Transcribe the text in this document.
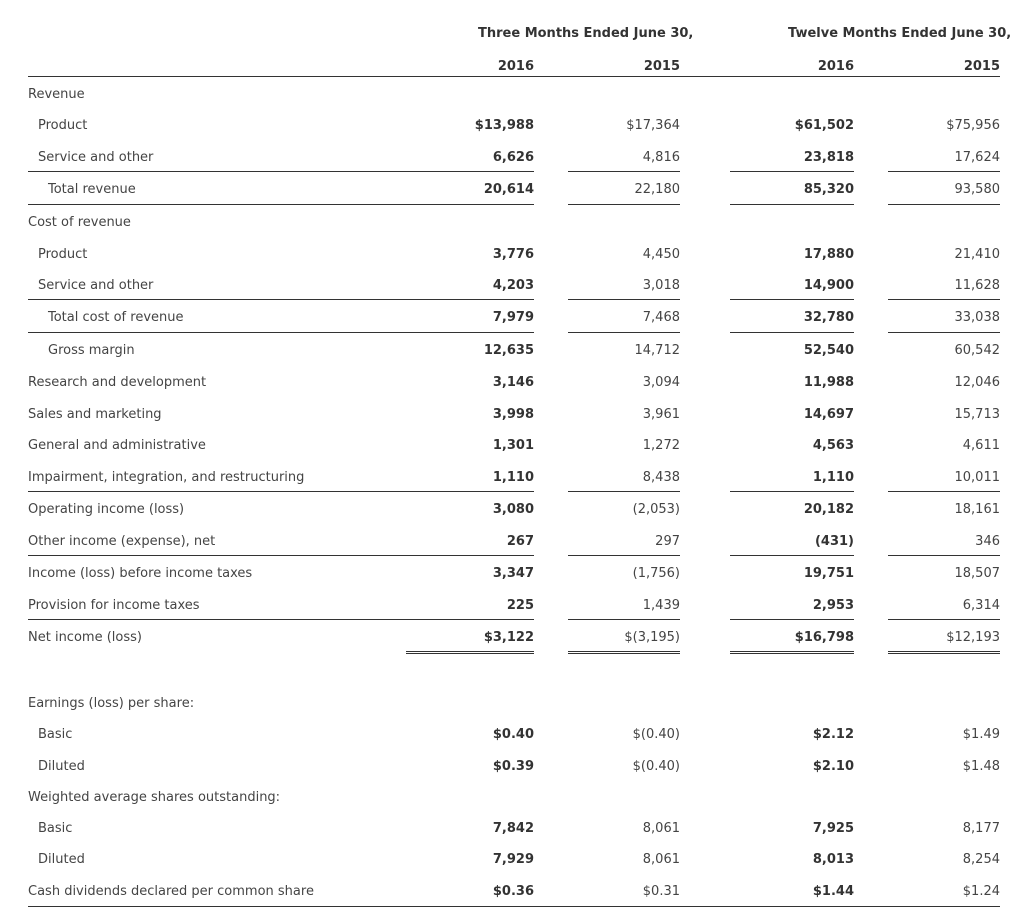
Three Months Ended June 30,	Twelve Months Ended June 30,
2016	2015	2016	2015
Revenue
Product	$13,988	$17,364	$61,502	$75,956
Service and other	6,626	4,816	23,818	17,624
Total revenue	20,614	22,180	85,320	93,580
Cost of revenue
Product	3,776	4,450	17,880	21,410
Service and other	4,203	3,018	14,900	11,628
Total cost of revenue	7,979	7,468	32,780	33,038
Gross margin	12,635	14,712	52,540	60,542
Research and development	3,146	3,094	11,988	12,046
Sales and marketing	3,998	3,961	14,697	15,713
General and administrative	1,301	1,272	4,563	4,611
Impairment, integration, and restructuring	1,110	8,438	1,110	10,011
Operating income (loss)	3,080	(2,053)	20,182	18,161
Other income (expense), net	267	297	(431)	346
Income (loss) before income taxes	3,347	(1,756)	19,751	18,507
Provision for income taxes	225	1,439	2,953	6,314
Net income (loss)	$3,122	$(3,195)	$16,798	$12,193
Earnings (loss) per share:
Basic	$0.40	$(0.40)	$2.12	$1.49
Diluted	$0.39	$(0.40)	$2.10	$1.48
Weighted average shares outstanding:
Basic	7,842	8,061	7,925	8,177
Diluted	7,929	8,061	8,013	8,254
Cash dividends declared per common share	$0.36	$0.31	$1.44	$1.24
